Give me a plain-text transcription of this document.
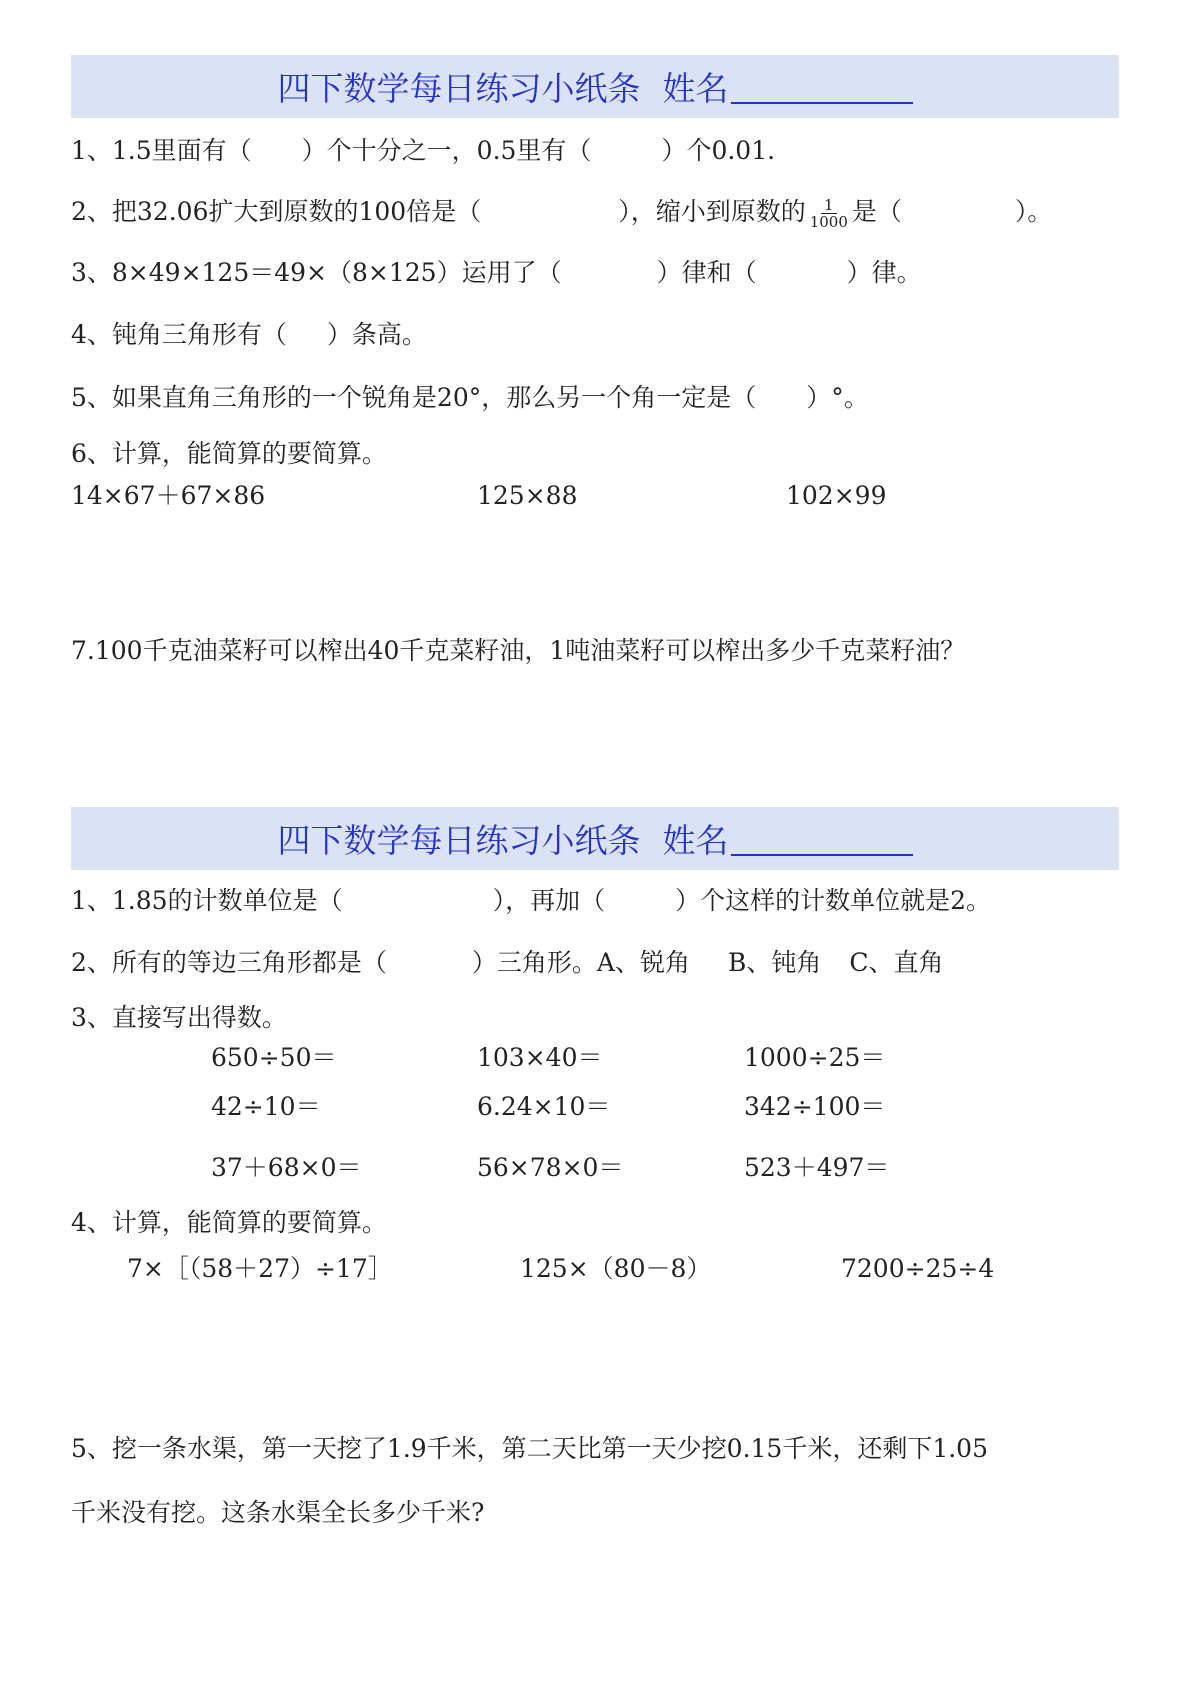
四下数学每日练习小纸条 姓名
1、1.5里面有（ ）个十分之一，0.5里有（	）个0.01.
2、把32.06扩大到原数的100倍是（	），缩小到原数的 $\frac{1}{1000}$ 是（	）。
3、8×49×125＝49×（8×125）运用了（	）律和（	）律。
4、钝角三角形有（ ）条高。
5、如果直角三角形的一个锐角是20°，那么另一个角一定是（ ）°。
6、计算，能简算的要简算。
14×67＋67×86	125×88	102×99
7.100千克油菜籽可以榨出40千克菜籽油，1吨油菜籽可以榨出多少千克菜籽油？
四下数学每日练习小纸条 姓名
1、1.85的计数单位是（	），再加（	）个这样的计数单位就是2。
2、所有的等边三角形都是（	）三角形。A、锐角 B、钝角 C、直角
3、直接写出得数。
650÷50＝	103×40＝	1000÷25＝
42÷10＝	6.24×10＝	342÷100＝
37＋68×0＝	56×78×0＝	523＋497＝
4、计算，能简算的要简算。
7×［（58＋27）÷17］	125×（80－8）	7200÷25÷4
5、挖一条水渠，第一天挖了1.9千米，第二天比第一天少挖0.15千米，还剩下1.05
千米没有挖。这条水渠全长多少千米?
